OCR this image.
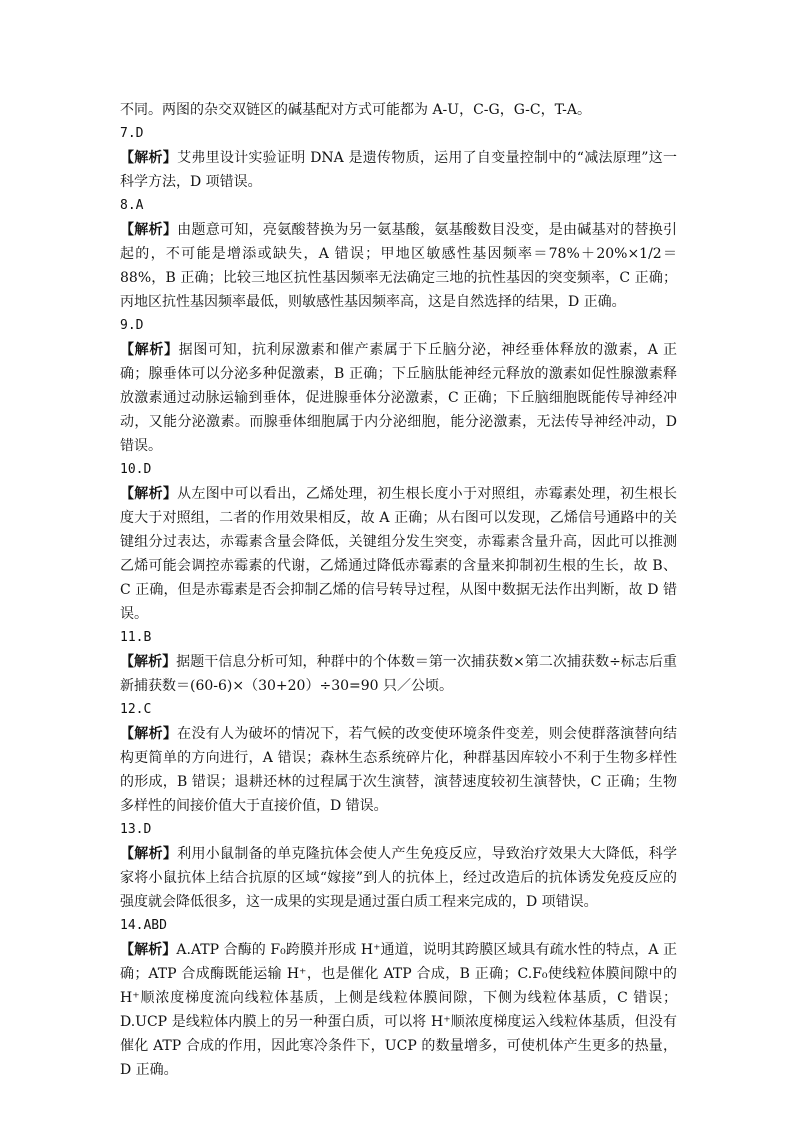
不同。两图的杂交双链区的碱基配对方式可能都为 A-U，C-G，G-C，T-A。

7.D

【解析】艾弗里设计实验证明 DNA 是遗传物质，运用了自变量控制中的“减法原理”这一科学方法，D 项错误。

8.A

【解析】由题意可知，亮氨酸替换为另一氨基酸，氨基酸数目没变，是由碱基对的替换引起的，不可能是增添或缺失，A 错误；甲地区敏感性基因频率＝78%＋20%×1/2＝88%，B 正确；比较三地区抗性基因频率无法确定三地的抗性基因的突变频率，C 正确；丙地区抗性基因频率最低，则敏感性基因频率高，这是自然选择的结果，D 正确。

9.D

【解析】据图可知，抗利尿激素和催产素属于下丘脑分泌，神经垂体释放的激素，A 正确；腺垂体可以分泌多种促激素，B 正确；下丘脑肽能神经元释放的激素如促性腺激素释放激素通过动脉运输到垂体，促进腺垂体分泌激素，C 正确；下丘脑细胞既能传导神经冲动，又能分泌激素。而腺垂体细胞属于内分泌细胞，能分泌激素，无法传导神经冲动，D 错误。

10.D

【解析】从左图中可以看出，乙烯处理，初生根长度小于对照组，赤霉素处理，初生根长度大于对照组，二者的作用效果相反，故 A 正确；从右图可以发现，乙烯信号通路中的关键组分过表达，赤霉素含量会降低，关键组分发生突变，赤霉素含量升高，因此可以推测乙烯可能会调控赤霉素的代谢，乙烯通过降低赤霉素的含量来抑制初生根的生长，故 B、C 正确，但是赤霉素是否会抑制乙烯的信号转导过程，从图中数据无法作出判断，故 D 错误。

11.B

【解析】据题干信息分析可知，种群中的个体数＝第一次捕获数×第二次捕获数÷标志后重新捕获数＝(60-6)×（30+20）÷30=90 只／公顷。

12.C

【解析】在没有人为破坏的情况下，若气候的改变使环境条件变差，则会使群落演替向结构更简单的方向进行，A 错误；森林生态系统碎片化，种群基因库较小不利于生物多样性的形成，B 错误；退耕还林的过程属于次生演替，演替速度较初生演替快，C 正确；生物多样性的间接价值大于直接价值，D 错误。

13.D

【解析】利用小鼠制备的单克隆抗体会使人产生免疫反应，导致治疗效果大大降低，科学家将小鼠抗体上结合抗原的区域“嫁接”到人的抗体上，经过改造后的抗体诱发免疫反应的强度就会降低很多，这一成果的实现是通过蛋白质工程来完成的，D 项错误。

14.ABD

【解析】A.ATP 合酶的 F₀跨膜并形成 H⁺通道，说明其跨膜区域具有疏水性的特点，A 正确；ATP 合成酶既能运输 H⁺，也是催化 ATP 合成，B 正确；C.F₀使线粒体膜间隙中的 H⁺顺浓度梯度流向线粒体基质，上侧是线粒体膜间隙，下侧为线粒体基质，C 错误；D.UCP 是线粒体内膜上的另一种蛋白质，可以将 H⁺顺浓度梯度运入线粒体基质，但没有催化 ATP 合成的作用，因此寒冷条件下，UCP 的数量增多，可使机体产生更多的热量，D 正确。
